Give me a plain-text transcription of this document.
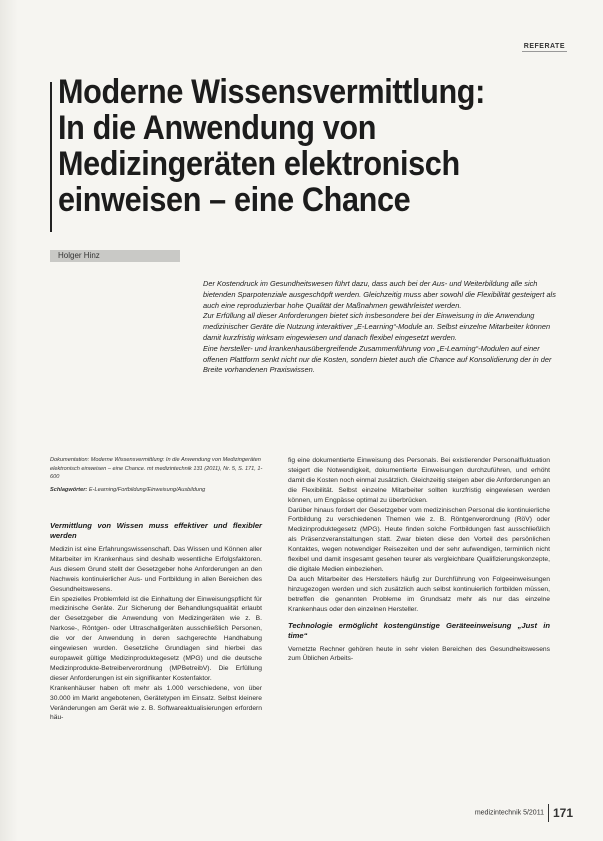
REFERATE
Moderne Wissensvermittlung:
In die Anwendung von
Medizingeräten elektronisch
einweisen – eine Chance
Holger Hinz

Der Kostendruck im Gesundheitswesen führt dazu, dass auch bei der Aus- und Weiterbildung alle sich bietenden Sparpotenziale ausgeschöpft werden. Gleichzeitig muss aber sowohl die Flexibilität gesteigert als auch eine reproduzierbar hohe Qualität der Maßnahmen gewährleistet werden.

Zur Erfüllung all dieser Anforderungen bietet sich insbesondere bei der Einweisung in die Anwendung medizinischer Geräte die Nutzung interaktiver „E-Learning“-Module an. Selbst einzelne Mitarbeiter können damit kurzfristig wirksam eingewiesen und danach flexibel eingesetzt werden.

Eine hersteller- und krankenhausübergreifende Zusammenführung von „E-Learning“-Modulen auf einer offenen Plattform senkt nicht nur die Kosten, sondern bietet auch die Chance auf Konsolidierung der in der Breite vorhandenen Praxiswissen.

Dokumentation: Moderne Wissensvermittlung: In die Anwendung von Medizingeräten elektronisch einweisen – eine Chance. mt medizintechnik 131 (2011), Nr. 5, S. 171, 1-600

Schlagwörter: E-Learning/Fortbildung/Einweisung/Ausbildung

Vermittlung von Wissen muss effektiver und flexibler werden

Medizin ist eine Erfahrungswissenschaft. Das Wissen und Können aller Mitarbeiter im Krankenhaus sind deshalb wesentliche Erfolgsfaktoren. Aus diesem Grund stellt der Gesetzgeber hohe Anforderungen an den Nachweis kontinuierlicher Aus- und Fortbildung in allen Bereichen des Gesundheitswesens.

Ein spezielles Problemfeld ist die Einhaltung der Einweisungspflicht für medizinische Geräte. Zur Sicherung der Behandlungsqualität erlaubt der Gesetzgeber die Anwendung von Medizingeräten wie z. B. Narkose-, Röntgen- oder Ultraschallgeräten ausschließlich Personen, die vor der Anwendung in deren sachgerechte Handhabung eingewiesen wurden. Gesetzliche Grundlagen sind hierbei das europaweit gültige Medizinproduktegesetz (MPG) und die deutsche Medizinprodukte-Betreiberverordnung (MPBetreibV). Die Erfüllung dieser Anforderungen ist ein signifikanter Kostenfaktor.

Krankenhäuser haben oft mehr als 1.000 verschiedene, von über 30.000 im Markt angebotenen, Gerätetypen im Einsatz. Selbst kleinere Veränderungen am Gerät wie z. B. Softwareaktualisierungen erfordern häu-

fig eine dokumentierte Einweisung des Personals. Bei existierender Personalfluktuation steigert die Notwendigkeit, dokumentierte Einweisungen durchzuführen, und erhöht damit die Kosten noch einmal zusätzlich. Gleichzeitig steigen aber die Anforderungen an die Flexibilität. Selbst einzelne Mitarbeiter sollten kurzfristig eingewiesen werden können, um Engpässe optimal zu überbrücken.

Darüber hinaus fordert der Gesetzgeber vom medizinischen Personal die kontinuierliche Fortbildung zu verschiedenen Themen wie z. B. Röntgenverordnung (RöV) oder Medizinproduktegesetz (MPG). Heute finden solche Fortbildungen fast ausschließlich als Präsenzveranstaltungen statt. Zwar bieten diese den Vorteil des persönlichen Kontaktes, wegen notwendiger Reisezeiten und der sehr aufwendigen, terminlich nicht flexibel und damit insgesamt gesehen teurer als vergleichbare Qualifizierungskonzepte, die digitale Medien einbeziehen.

Da auch Mitarbeiter des Herstellers häufig zur Durchführung von Folgeeinweisungen hinzugezogen werden und sich zusätzlich auch selbst kontinuierlich fortbilden müssen, betreffen die genannten Probleme im Grundsatz mehr als nur das einzelne Krankenhaus oder den einzelnen Hersteller.

Technologie ermöglicht kostengünstige Geräteeinweisung „Just in time“

Vernetzte Rechner gehören heute in sehr vielen Bereichen des Gesundheitswesens zum Üblichen Arbeits-

medizintechnik 5/2011 171
